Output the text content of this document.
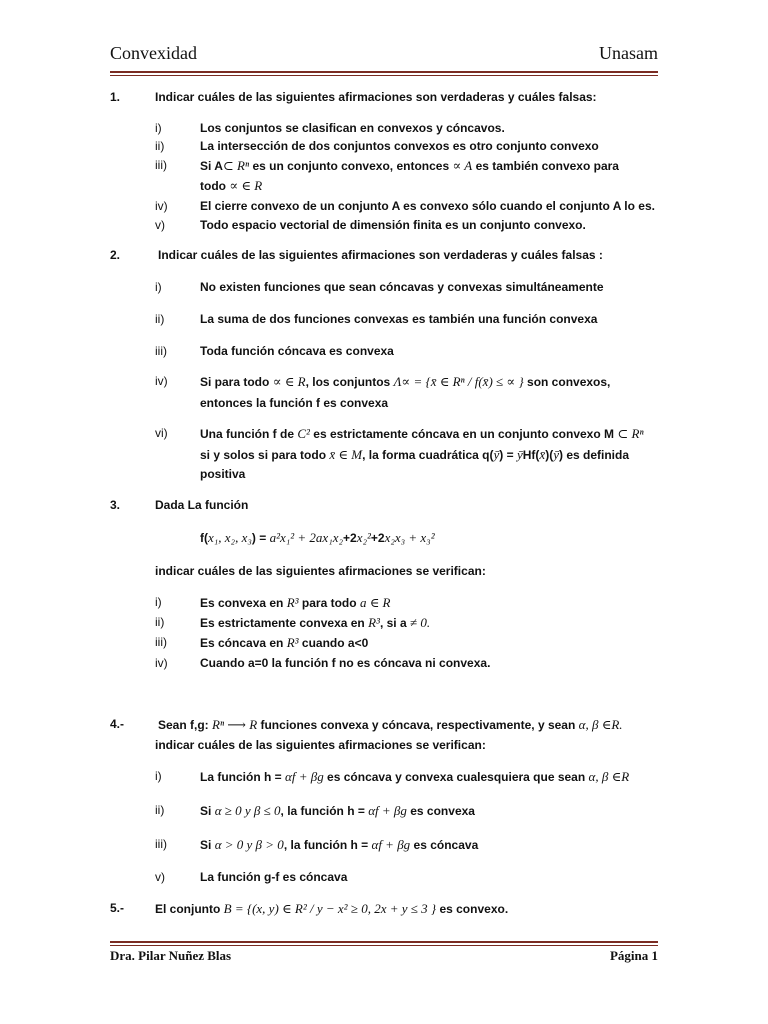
Convexidad	Unasam
1.	Indicar cuáles de las siguientes afirmaciones son verdaderas y cuáles falsas:
i)	Los conjuntos se clasifican en convexos y cóncavos.
ii)	La intersección de dos conjuntos convexos es otro conjunto convexo
iii)	Si A⊂ Rⁿ es un conjunto convexo, entonces ∝ A es también convexo para
todo ∝ ∈ R
iv)	El cierre convexo de un conjunto A es convexo sólo cuando el conjunto A lo es.
v)	Todo espacio vectorial de dimensión finita es un conjunto convexo.
2.	Indicar cuáles de las siguientes afirmaciones son verdaderas y cuáles falsas :
i)	No existen funciones que sean cóncavas y convexas simultáneamente
ii)	La suma de dos funciones convexas es también una función convexa
iii)	Toda función cóncava es convexa
iv)	Si para todo ∝ ∈ R, los conjuntos Λ∝ = {x̄ ∈ Rⁿ / f(x̄) ≤ ∝ } son convexos,
entonces la función f es convexa
vi)	Una función f de C² es estrictamente cóncava en un conjunto convexo M ⊂ Rⁿ
si y solos si para todo x̄ ∈ M, la forma cuadrática q(ȳ) = ȳHf(x̄)(ȳ) es definida
positiva
3.	Dada La función
f(x₁, x₂, x₃) = a²x₁² + 2ax₁x₂+2x₂²+2x₂x₃ + x₃²
indicar cuáles de las siguientes afirmaciones se verifican:
i)	Es convexa en R³ para todo a ∈ R
ii)	Es estrictamente convexa en R³, si a ≠ 0.
iii)	Es cóncava en R³ cuando a<0
iv)	Cuando a=0 la función f no es cóncava ni convexa.
4.-	Sean f,g: Rⁿ ⟶ R funciones convexa y cóncava, respectivamente, y sean α, β ∈R.
indicar cuáles de las siguientes afirmaciones se verifican:
i)	La función h = αf + βg es cóncava y convexa cualesquiera que sean α, β ∈R
ii)	Si α ≥ 0 y β ≤ 0, la función h = αf + βg es convexa
iii)	Si α > 0 y β > 0, la función h = αf + βg es cóncava
v)	La función g-f es cóncava
5.-	El conjunto B = {(x, y) ∈ R² / y − x² ≥ 0, 2x + y ≤ 3 } es convexo.
Dra. Pilar Nuñez Blas	Página 1
